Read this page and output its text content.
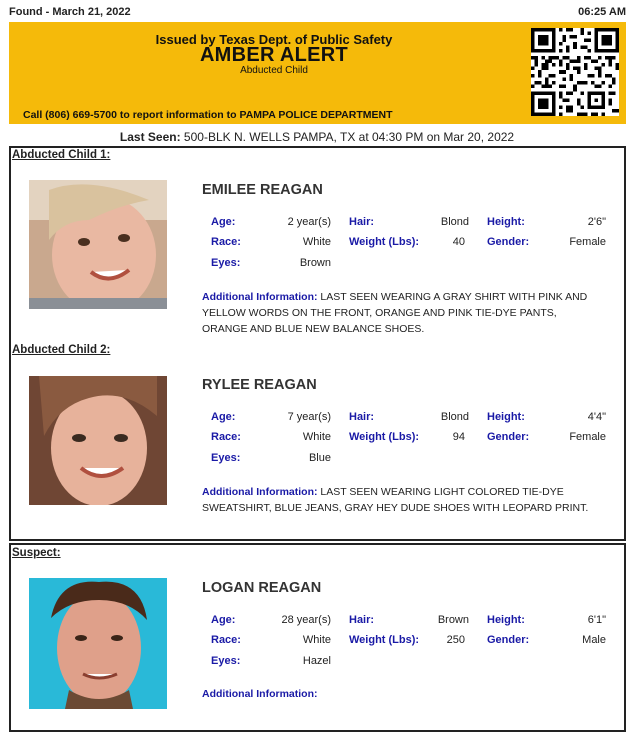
Found - March 21, 2022	06:25 AM
Issued by Texas Dept. of Public Safety
AMBER ALERT
Abducted Child
Call (806) 669-5700 to report information to PAMPA POLICE DEPARTMENT
Last Seen: 500-BLK N. WELLS PAMPA, TX at 04:30 PM on Mar 20, 2022
Abducted Child 1:
EMILEE REAGAN
Age:	2 year(s) Hair:	Blond Height:	2'6"
Race:	White Weight (Lbs):	40 Gender:	Female
Eyes:	Brown
Additional Information: LAST SEEN WEARING A GRAY SHIRT WITH PINK AND YELLOW WORDS ON THE FRONT, ORANGE AND PINK TIE-DYE PANTS, ORANGE AND BLUE NEW BALANCE SHOES.
Abducted Child 2:
RYLEE REAGAN
Age:	7 year(s) Hair:	Blond Height:	4'4"
Race:	White Weight (Lbs):	94 Gender:	Female
Eyes:	Blue
Additional Information: LAST SEEN WEARING LIGHT COLORED TIE-DYE SWEATSHIRT, BLUE JEANS, GRAY HEY DUDE SHOES WITH LEOPARD PRINT.
Suspect:
LOGAN REAGAN
Age:	28 year(s) Hair:	Brown Height:	6'1"
Race:	White Weight (Lbs):	250 Gender:	Male
Eyes:	Hazel
Additional Information:
